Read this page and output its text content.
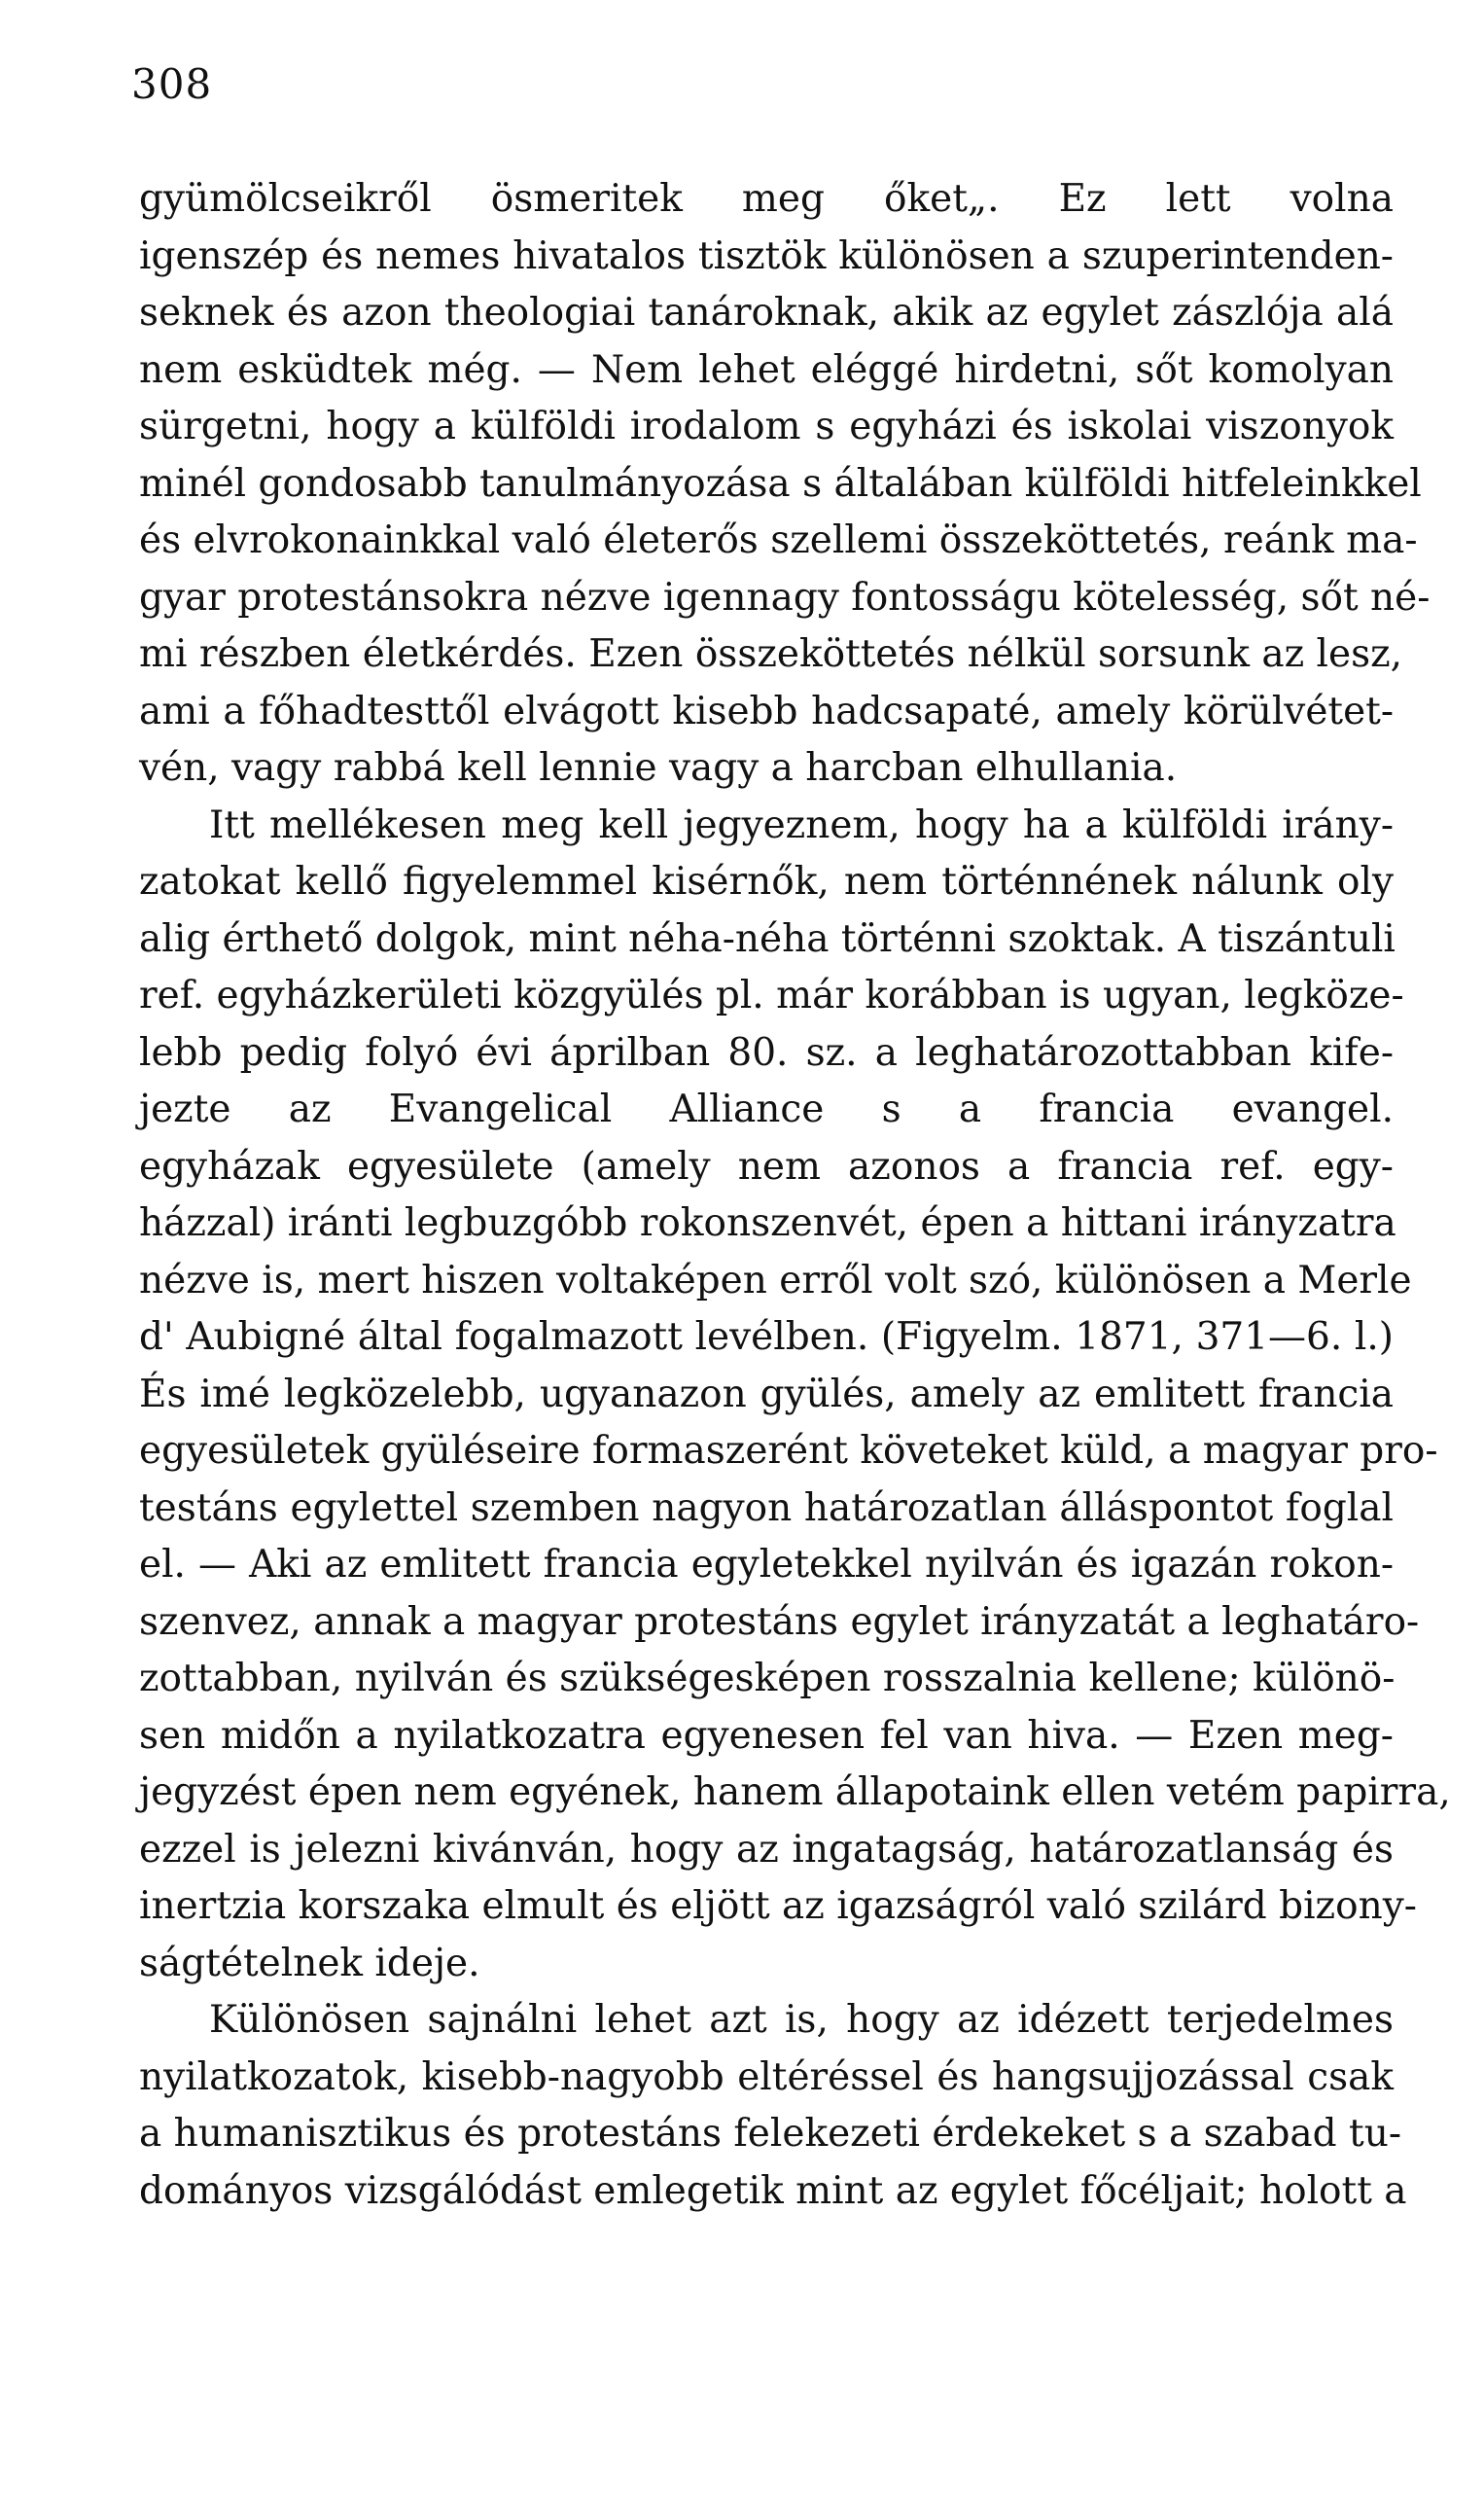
308
gyümölcseikről ösmeritek meg őket„. Ez lett volna
igenszép és nemes hivatalos tisztök különösen a szuperintenden-
seknek és azon theologiai tanároknak, akik az egylet zászlója alá
nem esküdtek még. — Nem lehet eléggé hirdetni, sőt komolyan
sürgetni, hogy a külföldi irodalom s egyházi és iskolai viszonyok
minél gondosabb tanulmányozása s általában külföldi hitfeleinkkel
és elvrokonainkkal való életerős szellemi összeköttetés, reánk ma-
gyar protestánsokra nézve igennagy fontosságu kötelesség, sőt né-
mi részben életkérdés. Ezen összeköttetés nélkül sorsunk az lesz,
ami a főhadtesttől elvágott kisebb hadcsapaté, amely körülvétet-
vén, vagy rabbá kell lennie vagy a harcban elhullania.
Itt mellékesen meg kell jegyeznem, hogy ha a külföldi irány-
zatokat kellő figyelemmel kisérnők, nem történnének nálunk oly
alig érthető dolgok, mint néha-néha történni szoktak. A tiszántuli
ref. egyházkerületi közgyülés pl. már korábban is ugyan, legköze-
lebb pedig folyó évi áprilban 80. sz. a leghatározottabban kife-
jezte az Evangelical Alliance s a francia evangel.
egyházak egyesülete (amely nem azonos a francia ref. egy-
házzal) iránti legbuzgóbb rokonszenvét, épen a hittani irányzatra
nézve is, mert hiszen voltaképen erről volt szó, különösen a Merle
d' Aubigné által fogalmazott levélben. (Figyelm. 1871, 371—6. l.)
És imé legközelebb, ugyanazon gyülés, amely az emlitett francia
egyesületek gyüléseire formaszerént követeket küld, a magyar pro-
testáns egylettel szemben nagyon határozatlan álláspontot foglal
el. — Aki az emlitett francia egyletekkel nyilván és igazán rokon-
szenvez, annak a magyar protestáns egylet irányzatát a leghatáro-
zottabban, nyilván és szükségesképen rosszalnia kellene; különö-
sen midőn a nyilatkozatra egyenesen fel van hiva. — Ezen meg-
jegyzést épen nem egyének, hanem állapotaink ellen vetém papirra,
ezzel is jelezni kivánván, hogy az ingatagság, határozatlanság és
inertzia korszaka elmult és eljött az igazságról való szilárd bizony-
ságtételnek ideje.
Különösen sajnálni lehet azt is, hogy az idézett terjedelmes
nyilatkozatok, kisebb-nagyobb eltéréssel és hangsujjozással csak
a humanisztikus és protestáns felekezeti érdekeket s a szabad tu-
dományos vizsgálódást emlegetik mint az egylet főcéljait; holott a
